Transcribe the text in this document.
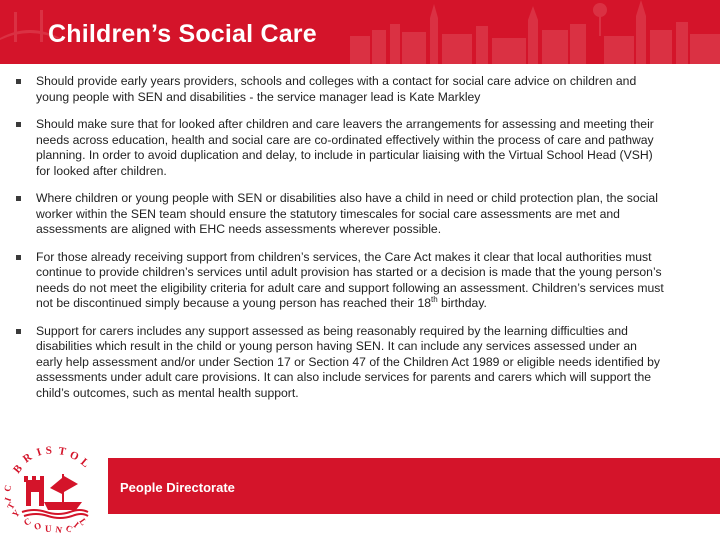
Children’s Social Care
Should provide early years providers, schools and colleges with a contact for social care advice on children and young people with SEN and disabilities - the service manager lead is Kate Markley
Should make sure that for looked after children and care leavers the arrangements for assessing and meeting their needs across education, health and social care are co-ordinated effectively within the process of care and pathway planning. In order to avoid duplication and delay, to include in particular liaising with the Virtual School Head (VSH) for looked after children.
Where children or young people with SEN or disabilities also have a child in need or child protection plan, the social worker within the SEN team should ensure the statutory timescales for social care assessments are met and assessments are aligned with EHC needs assessments wherever possible.
For those already receiving support from children’s services, the Care Act makes it clear that local authorities must continue to provide children’s services until adult provision has started or a decision is made that the young person’s needs do not meet the eligibility criteria for adult care and support following an assessment. Children’s services must not be discontinued simply because a young person has reached their 18th birthday.
Support for carers includes any support assessed as being reasonably required by the learning difficulties and disabilities which result in the child or young person having SEN. It can include any services assessed under an early help assessment and/or under Section 17 or Section 47 of the Children Act 1989 or eligible needs identified by assessments under adult care provisions. It can also include services for parents and carers which will support the child’s outcomes, such as mental health support.
B
R I S T O
L
C
I
T
Y
C O U N C
I
L
People Directorate
